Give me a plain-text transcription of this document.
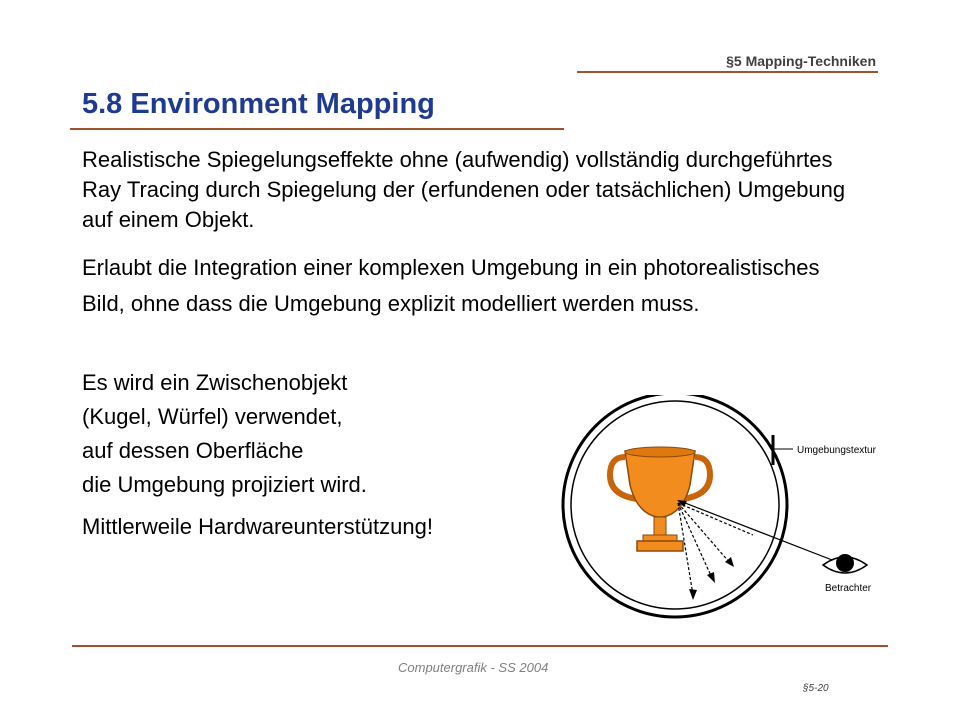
§5 Mapping-Techniken
5.8 Environment Mapping

Realistische Spiegelungseffekte ohne (aufwendig) vollständig durchgeführtes Ray Tracing durch Spiegelung der (erfundenen oder tatsächlichen) Umgebung auf einem Objekt.

Erlaubt die Integration einer komplexen Umgebung in ein photorealistisches Bild, ohne dass die Umgebung explizit modelliert werden muss.

Es wird ein Zwischenobjekt
(Kugel, Würfel) verwendet,
auf dessen Oberfläche
die Umgebung projiziert wird.

Mittlerweile Hardwareunterstützung!

Umgebungstextur
Betrachter
Computergrafik - SS 2004
§5-20
